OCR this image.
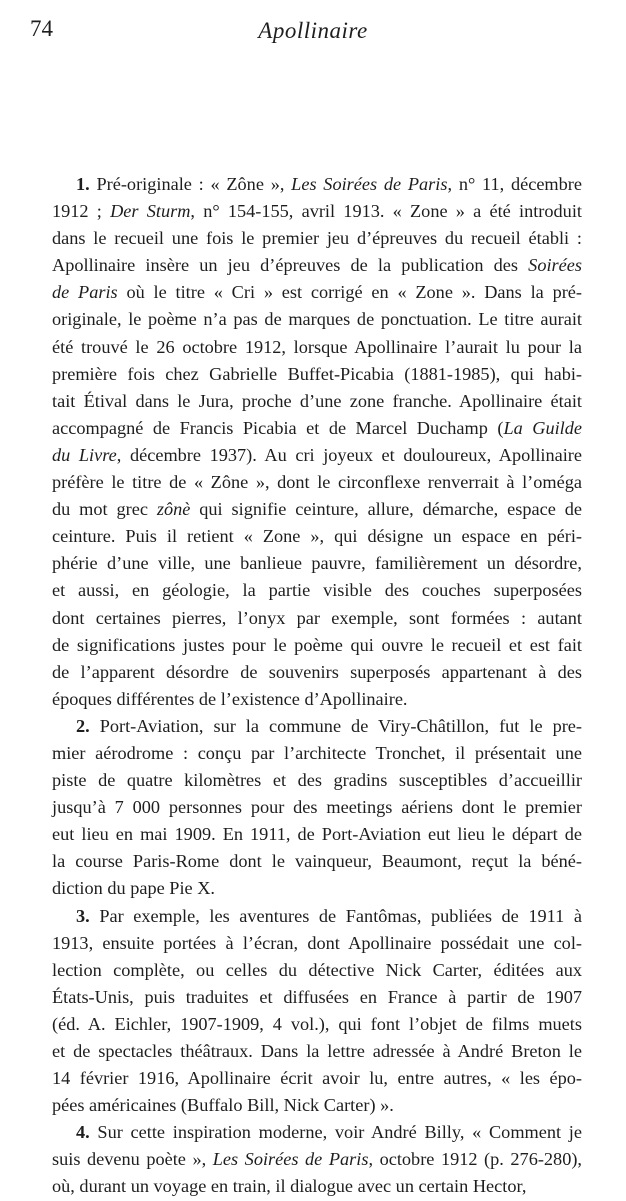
74	Apollinaire
1. Pré-originale : « Zône », Les Soirées de Paris, n° 11, décembre
1912 ; Der Sturm, n° 154-155, avril 1913. « Zone » a été introduit
dans le recueil une fois le premier jeu d’épreuves du recueil établi :
Apollinaire insère un jeu d’épreuves de la publication des Soirées
de Paris où le titre « Cri » est corrigé en « Zone ». Dans la pré-
originale, le poème n’a pas de marques de ponctuation. Le titre aurait
été trouvé le 26 octobre 1912, lorsque Apollinaire l’aurait lu pour la
première fois chez Gabrielle Buffet-Picabia (1881-1985), qui habi-
tait Étival dans le Jura, proche d’une zone franche. Apollinaire était
accompagné de Francis Picabia et de Marcel Duchamp (La Guilde
du Livre, décembre 1937). Au cri joyeux et douloureux, Apollinaire
préfère le titre de « Zône », dont le circonflexe renverrait à l’oméga
du mot grec zônè qui signifie ceinture, allure, démarche, espace de
ceinture. Puis il retient « Zone », qui désigne un espace en péri-
phérie d’une ville, une banlieue pauvre, familièrement un désordre,
et aussi, en géologie, la partie visible des couches superposées
dont certaines pierres, l’onyx par exemple, sont formées : autant
de significations justes pour le poème qui ouvre le recueil et est fait
de l’apparent désordre de souvenirs superposés appartenant à des
époques différentes de l’existence d’Apollinaire.
2. Port-Aviation, sur la commune de Viry-Châtillon, fut le pre-
mier aérodrome : conçu par l’architecte Tronchet, il présentait une
piste de quatre kilomètres et des gradins susceptibles d’accueillir
jusqu’à 7 000 personnes pour des meetings aériens dont le premier
eut lieu en mai 1909. En 1911, de Port-Aviation eut lieu le départ de
la course Paris-Rome dont le vainqueur, Beaumont, reçut la béné-
diction du pape Pie X.
3. Par exemple, les aventures de Fantômas, publiées de 1911 à
1913, ensuite portées à l’écran, dont Apollinaire possédait une col-
lection complète, ou celles du détective Nick Carter, éditées aux
États-Unis, puis traduites et diffusées en France à partir de 1907
(éd. A. Eichler, 1907-1909, 4 vol.), qui font l’objet de films muets
et de spectacles théâtraux. Dans la lettre adressée à André Breton le
14 février 1916, Apollinaire écrit avoir lu, entre autres, « les épo-
pées américaines (Buffalo Bill, Nick Carter) ».
4. Sur cette inspiration moderne, voir André Billy, « Comment je
suis devenu poète », Les Soirées de Paris, octobre 1912 (p. 276-280),
où, durant un voyage en train, il dialogue avec un certain Hector,
